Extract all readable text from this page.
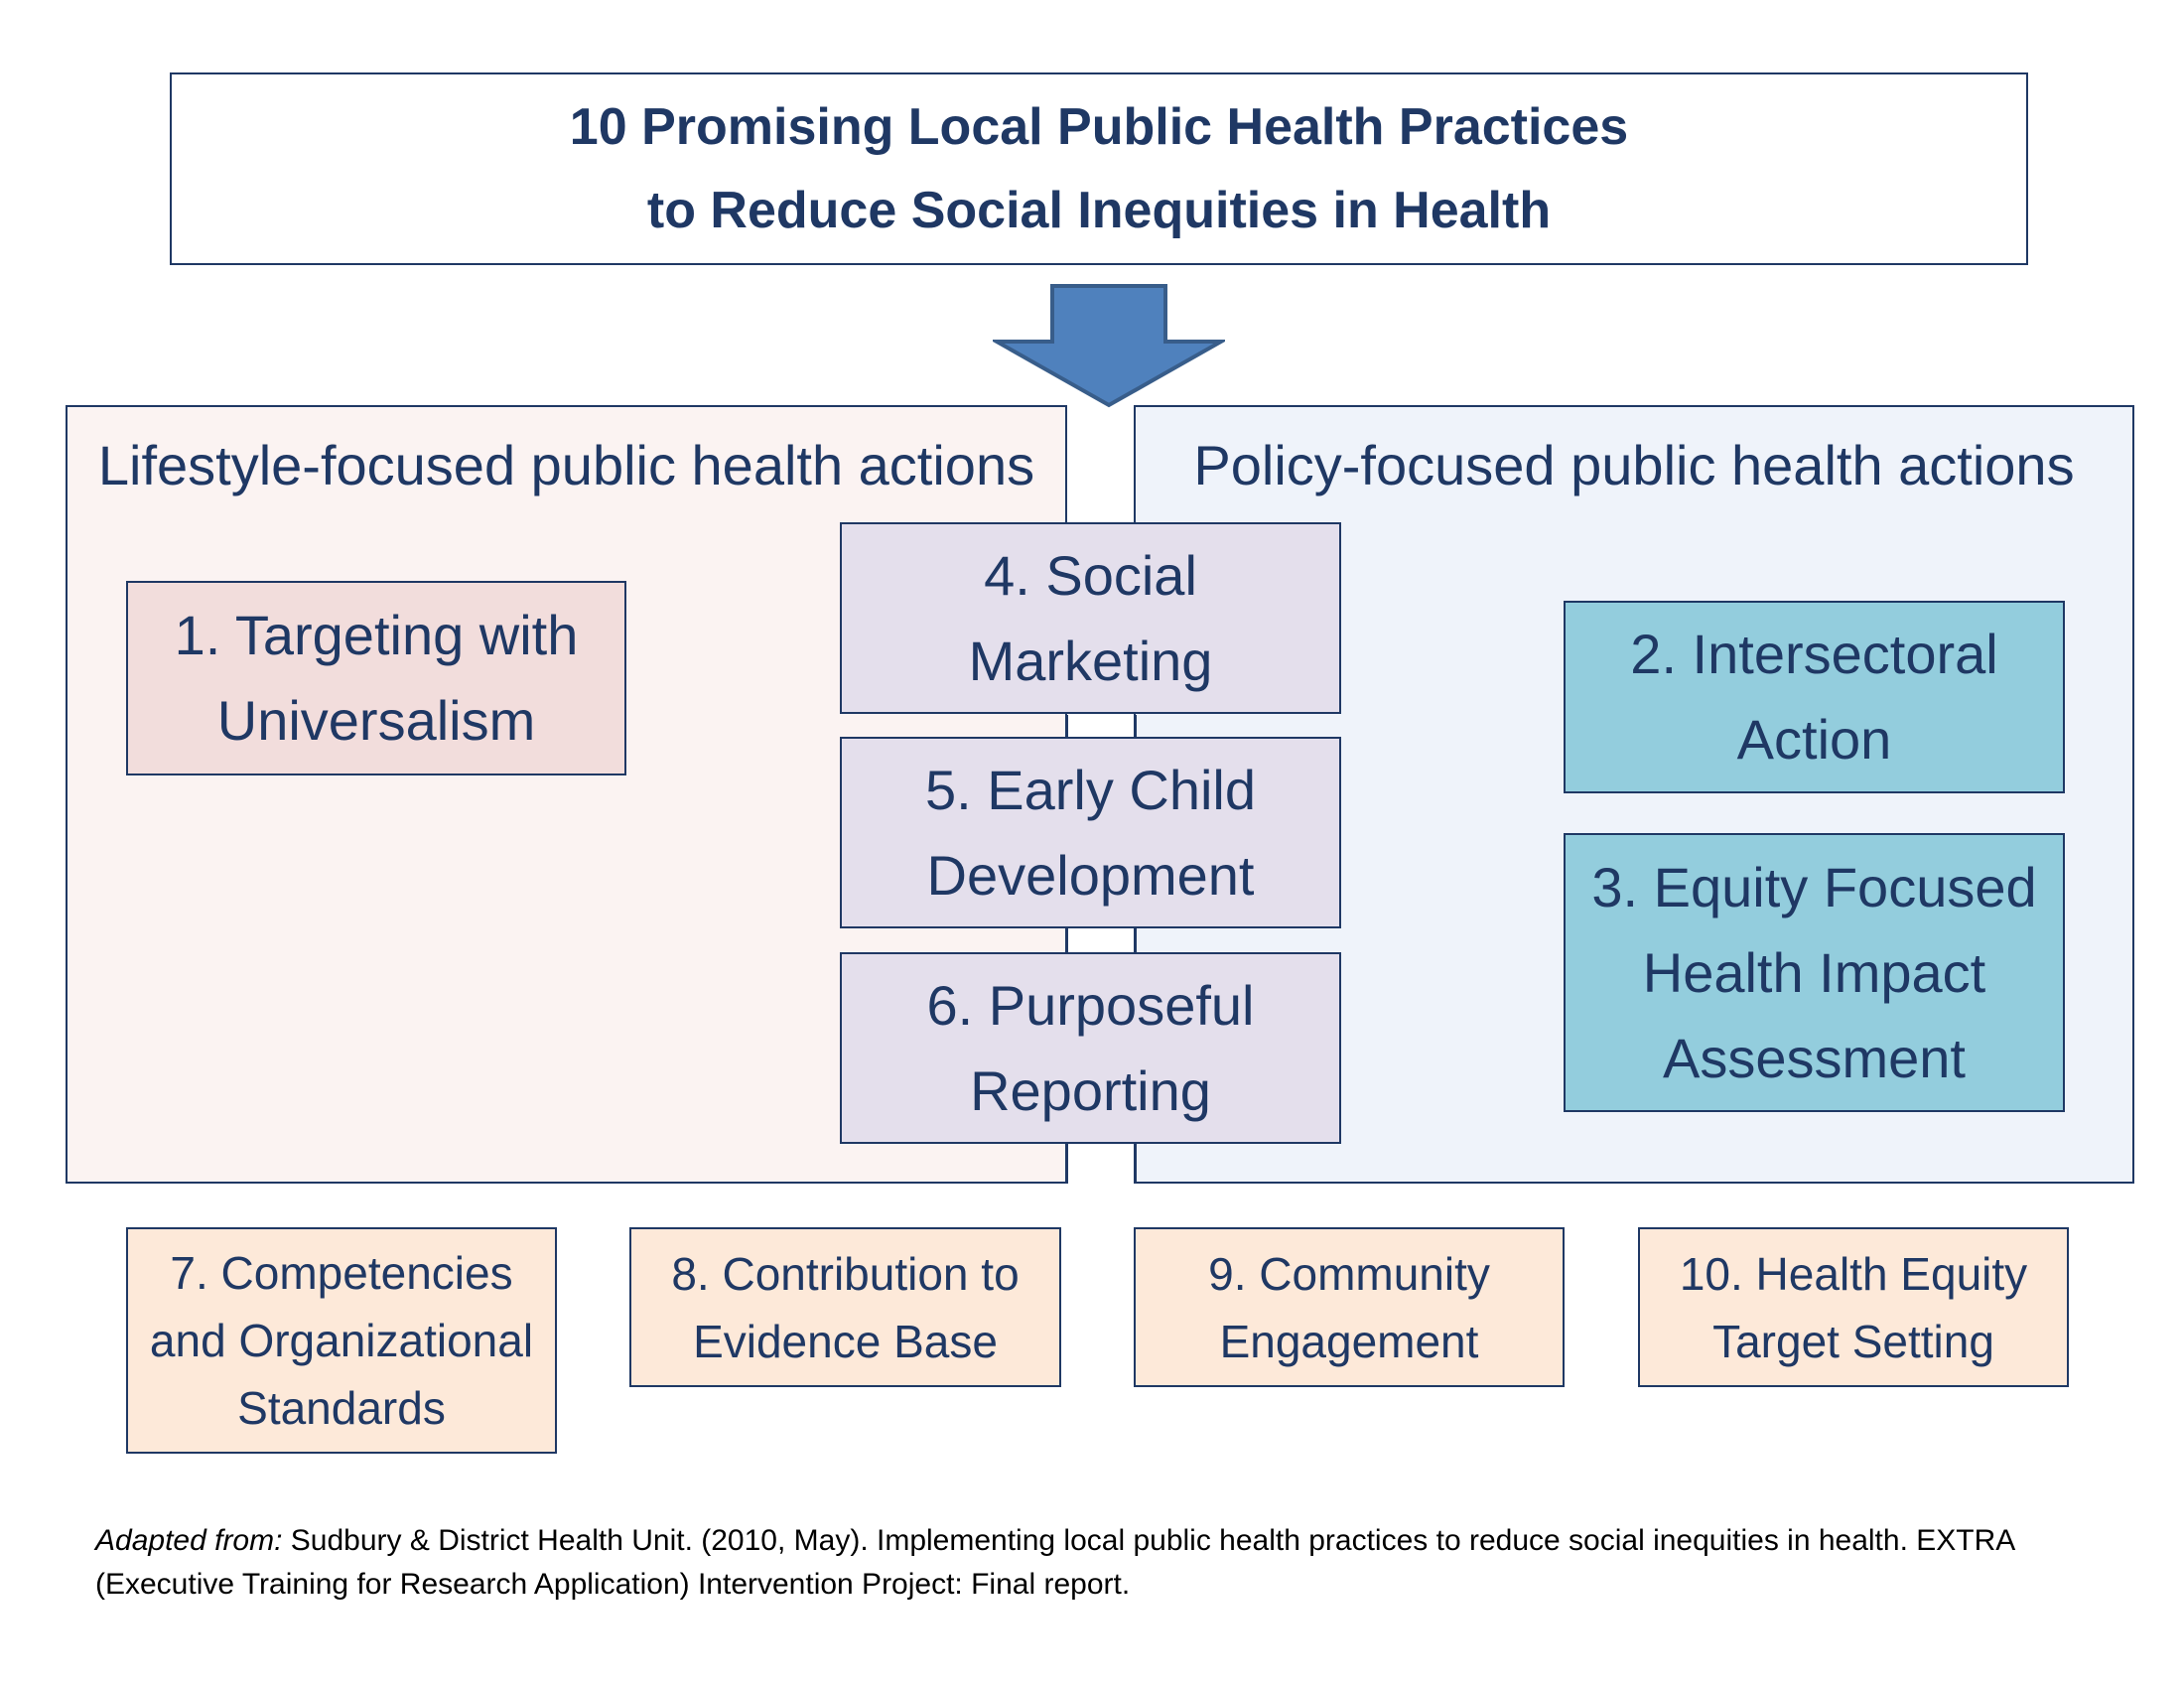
10 Promising Local Public Health Practices
to Reduce Social Inequities in Health
Lifestyle-focused public health actions	Policy-focused public health actions
1. Targeting with
Universalism
4. Social
Marketing
5. Early Child
Development
6. Purposeful
Reporting
2. Intersectoral
Action
3. Equity Focused
Health Impact
Assessment
7. Competencies
and Organizational
Standards
8. Contribution to
Evidence Base
9. Community
Engagement
10. Health Equity
Target Setting
Adapted from: Sudbury & District Health Unit. (2010, May). Implementing local public health practices to reduce social inequities in health. EXTRA
(Executive Training for Research Application) Intervention Project: Final report.
